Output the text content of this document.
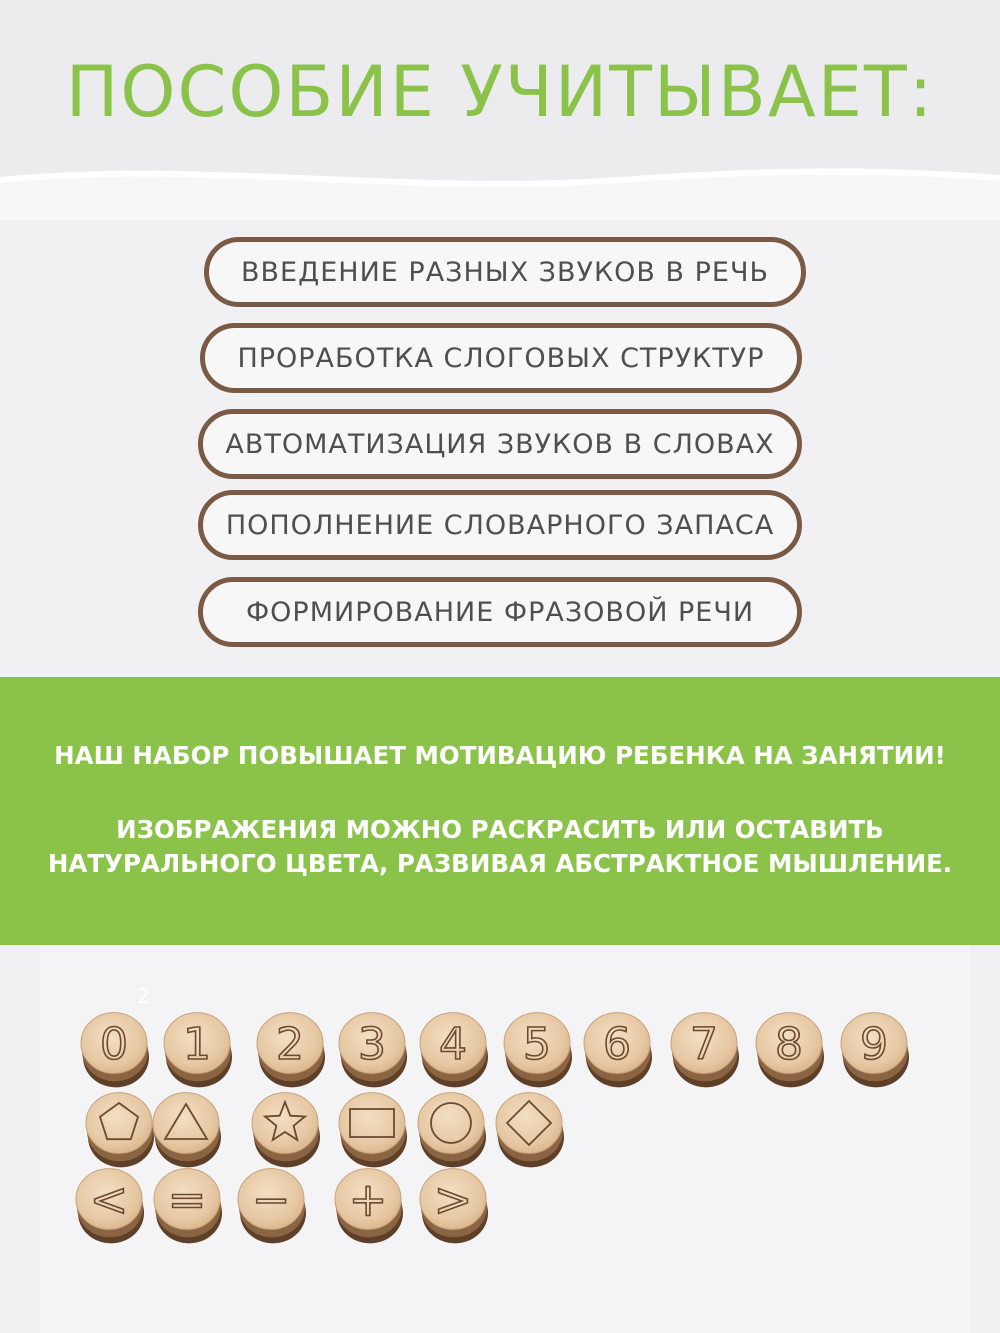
ПОСОБИЕ УЧИТЫВАЕТ:
ВВЕДЕНИЕ РАЗНЫХ ЗВУКОВ В РЕЧЬ
ПРОРАБОТКА СЛОГОВЫХ СТРУКТУР
АВТОМАТИЗАЦИЯ ЗВУКОВ В СЛОВАХ
ПОПОЛНЕНИЕ СЛОВАРНОГО ЗАПАСА
ФОРМИРОВАНИЕ ФРАЗОВОЙ РЕЧИ
НАШ НАБОР ПОВЫШАЕТ МОТИВАЦИЮ РЕБЕНКА НА ЗАНЯТИИ!
ИЗОБРАЖЕНИЯ МОЖНО РАСКРАСИТЬ ИЛИ ОСТАВИТЬ
НАТУРАЛЬНОГО ЦВЕТА, РАЗВИВАЯ АБСТРАКТНОЕ МЫШЛЕНИЕ.
2
0 1 2 3 4 5 6 7 8 9
< = − + >
